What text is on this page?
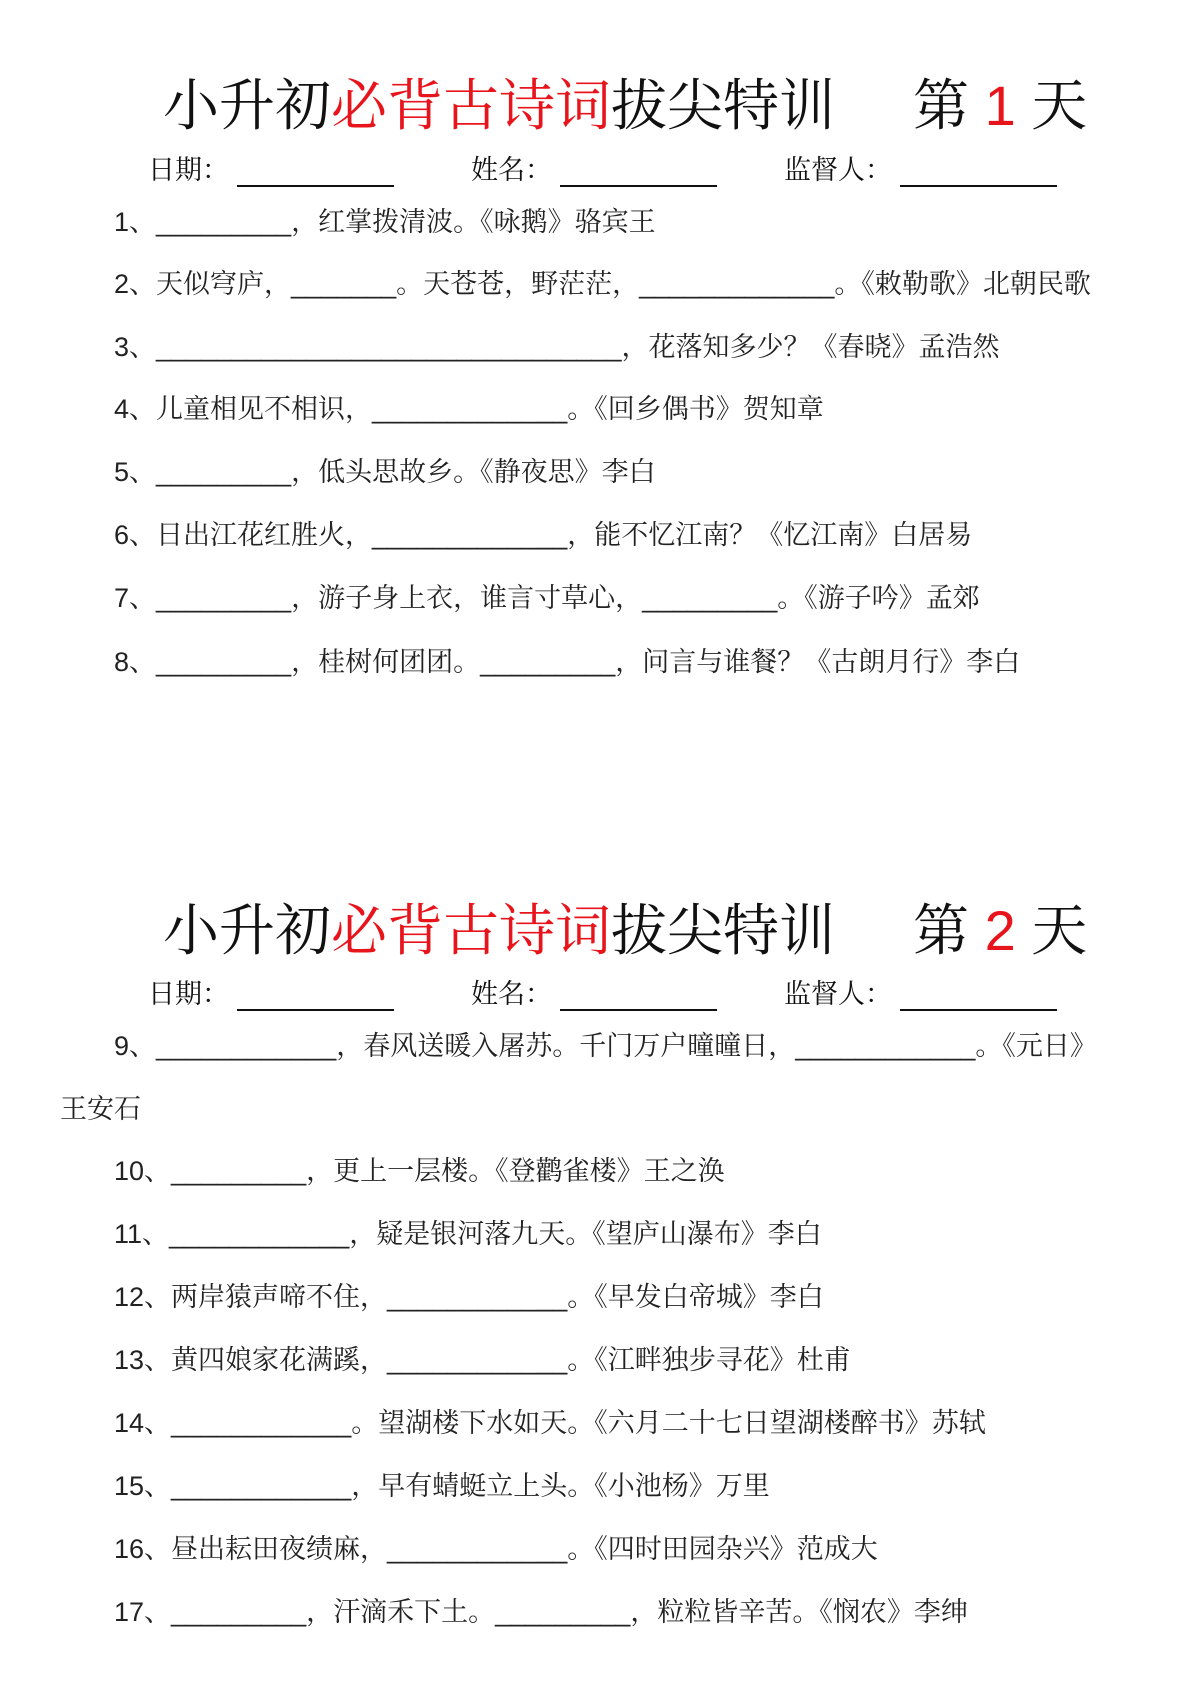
小升初必背古诗词拔尖特训 第 1 天
日期：	姓名：	监督人：
小升初必背古诗词拔尖特训 第 2 天
日期：	姓名：	监督人：
1、_________，红掌拨清波。《咏鹅》骆宾王
2、天似穹庐，_______。天苍苍，野茫茫，_____________。《敕勒歌》北朝民歌
3、_______________________________，花落知多少？《春晓》孟浩然
4、儿童相见不相识，_____________。《回乡偶书》贺知章
5、_________，低头思故乡。《静夜思》李白
6、日出江花红胜火，_____________，能不忆江南？《忆江南》白居易
7、_________，游子身上衣，谁言寸草心，_________。《游子吟》孟郊
8、_________，桂树何团团。_________，问言与谁餐？《古朗月行》李白
9、____________，春风送暖入屠苏。千门万户曈曈日，____________。《元日》
王安石
10、_________，更上一层楼。《登鹳雀楼》王之涣
11、____________，疑是银河落九天。《望庐山瀑布》李白
12、两岸猿声啼不住，____________。《早发白帝城》李白
13、黄四娘家花满蹊，____________。《江畔独步寻花》杜甫
14、____________。望湖楼下水如天。《六月二十七日望湖楼醉书》苏轼
15、____________，早有蜻蜓立上头。《小池杨》万里
16、昼出耘田夜绩麻，____________。《四时田园杂兴》范成大
17、_________，汗滴禾下土。_________，粒粒皆辛苦。《悯农》李绅
